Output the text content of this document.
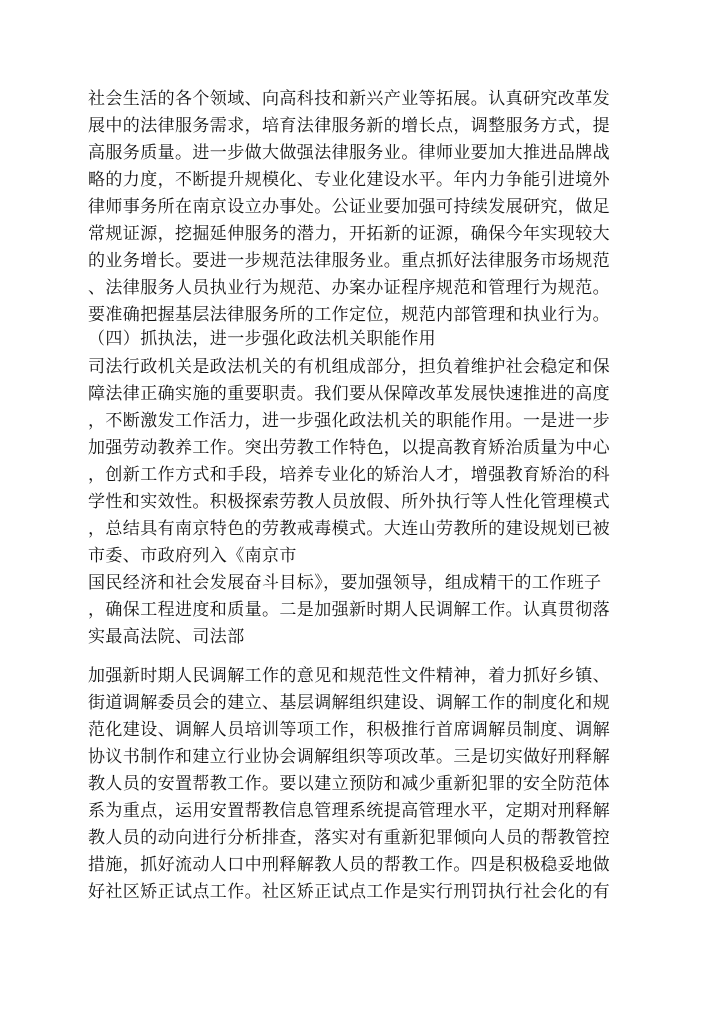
社会生活的各个领域、向高科技和新兴产业等拓展。认真研究改革发
展中的法律服务需求，培育法律服务新的增长点，调整服务方式，提
高服务质量。进一步做大做强法律服务业。律师业要加大推进品牌战
略的力度，不断提升规模化、专业化建设水平。年内力争能引进境外
律师事务所在南京设立办事处。公证业要加强可持续发展研究，做足
常规证源，挖掘延伸服务的潜力，开拓新的证源，确保今年实现较大
的业务增长。要进一步规范法律服务业。重点抓好法律服务市场规范
、法律服务人员执业行为规范、办案办证程序规范和管理行为规范。
要准确把握基层法律服务所的工作定位，规范内部管理和执业行为。
（四）抓执法，进一步强化政法机关职能作用
司法行政机关是政法机关的有机组成部分，担负着维护社会稳定和保
障法律正确实施的重要职责。我们要从保障改革发展快速推进的高度
，不断激发工作活力，进一步强化政法机关的职能作用。一是进一步
加强劳动教养工作。突出劳教工作特色，以提高教育矫治质量为中心
，创新工作方式和手段，培养专业化的矫治人才，增强教育矫治的科
学性和实效性。积极探索劳教人员放假、所外执行等人性化管理模式
，总结具有南京特色的劳教戒毒模式。大连山劳教所的建设规划已被
市委、市政府列入《南京市
国民经济和社会发展奋斗目标》，要加强领导，组成精干的工作班子
，确保工程进度和质量。二是加强新时期人民调解工作。认真贯彻落
实最高法院、司法部
加强新时期人民调解工作的意见和规范性文件精神，着力抓好乡镇、
街道调解委员会的建立、基层调解组织建设、调解工作的制度化和规
范化建设、调解人员培训等项工作，积极推行首席调解员制度、调解
协议书制作和建立行业协会调解组织等项改革。三是切实做好刑释解
教人员的安置帮教工作。要以建立预防和减少重新犯罪的安全防范体
系为重点，运用安置帮教信息管理系统提高管理水平，定期对刑释解
教人员的动向进行分析排查，落实对有重新犯罪倾向人员的帮教管控
措施，抓好流动人口中刑释解教人员的帮教工作。四是积极稳妥地做
好社区矫正试点工作。社区矫正试点工作是实行刑罚执行社会化的有
